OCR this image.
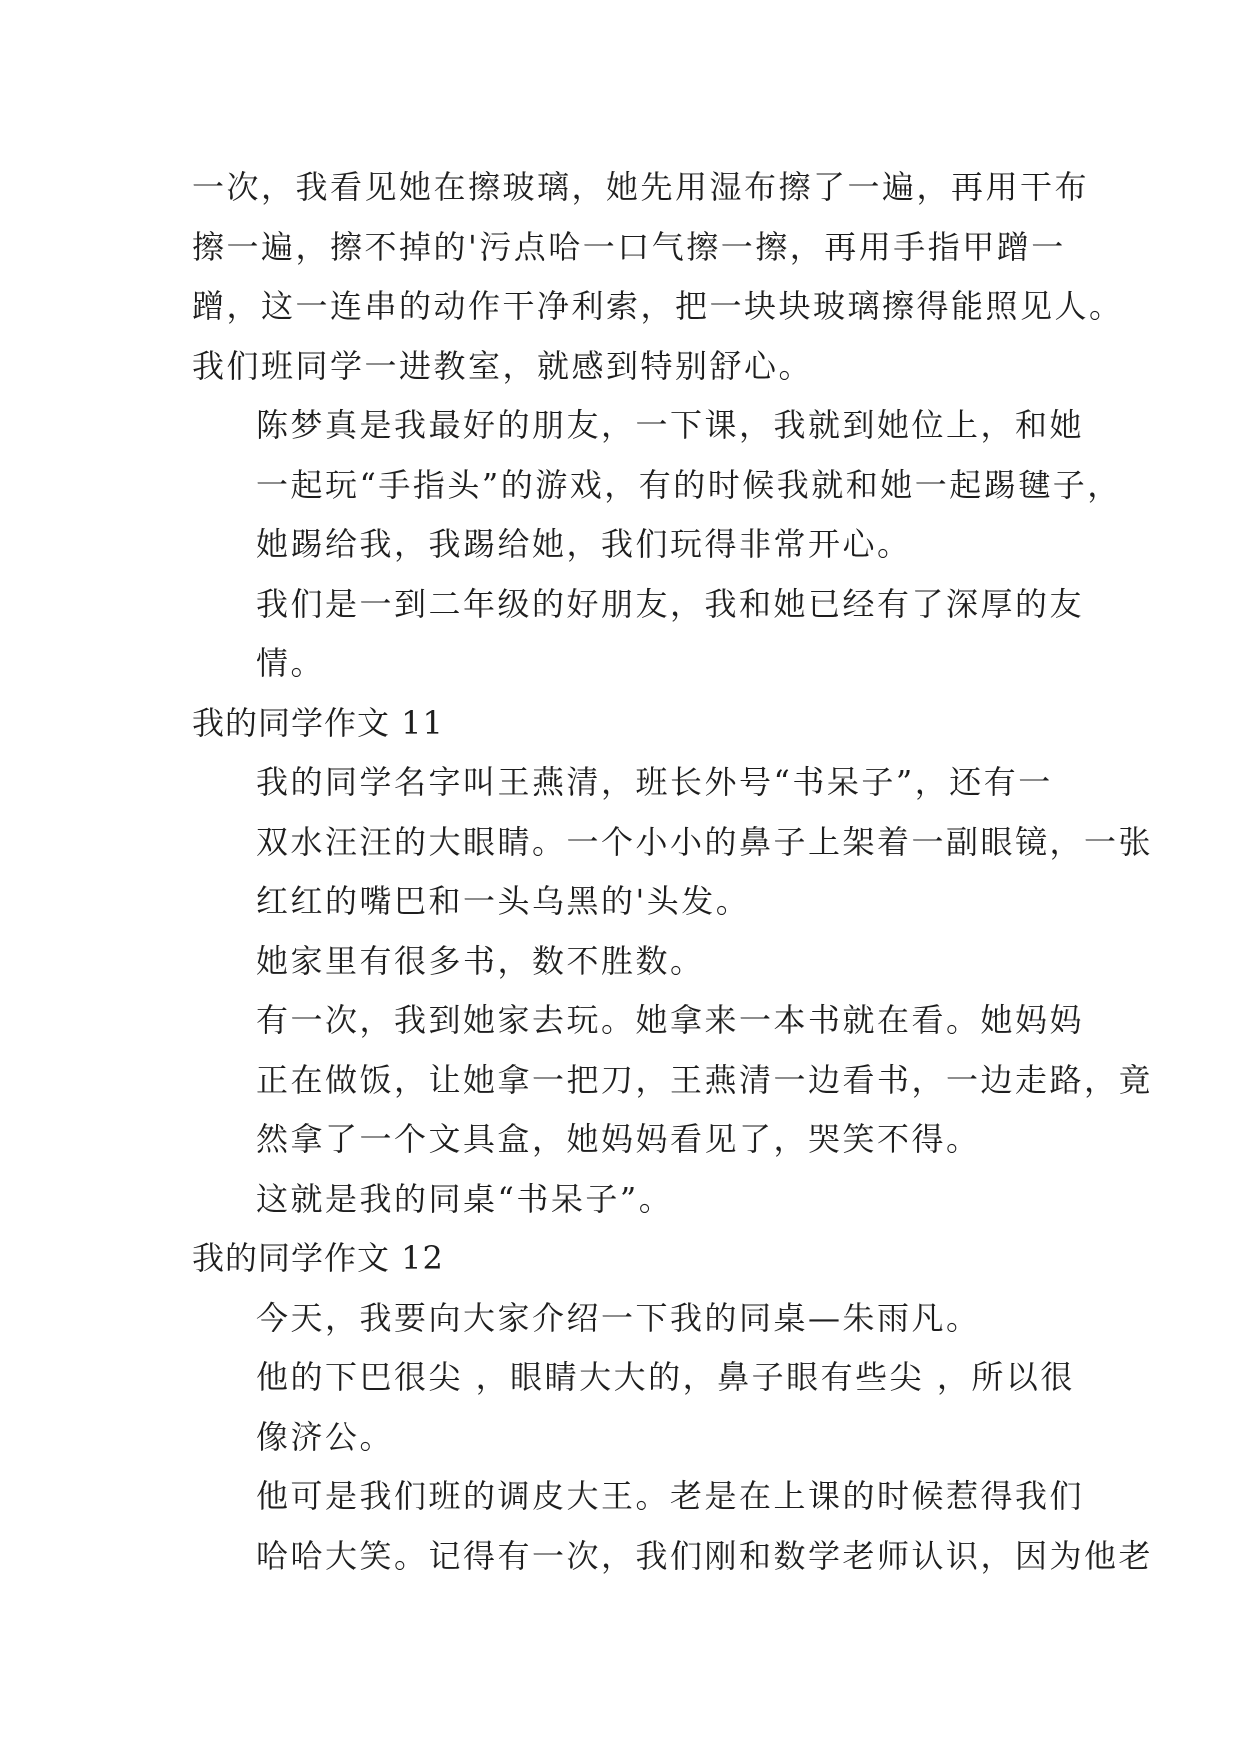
一次，我看见她在擦玻璃，她先用湿布擦了一遍，再用干布
擦一遍，擦不掉的'污点哈一口气擦一擦，再用手指甲蹭一
蹭，这一连串的动作干净利索，把一块块玻璃擦得能照见人。
我们班同学一进教室，就感到特别舒心。

陈梦真是我最好的朋友，一下课，我就到她位上，和她
一起玩“手指头”的游戏，有的时候我就和她一起踢毽子，
她踢给我，我踢给她，我们玩得非常开心。

我们是一到二年级的好朋友，我和她已经有了深厚的友
情。

我的同学作文 11

我的同学名字叫王燕清，班长外号“书呆子”，还有一
双水汪汪的大眼睛。一个小小的鼻子上架着一副眼镜，一张
红红的嘴巴和一头乌黑的'头发。

她家里有很多书，数不胜数。

有一次，我到她家去玩。她拿来一本书就在看。她妈妈
正在做饭，让她拿一把刀，王燕清一边看书，一边走路，竟
然拿了一个文具盒，她妈妈看见了，哭笑不得。

这就是我的同桌“书呆子”。

我的同学作文 12

今天，我要向大家介绍一下我的同桌—朱雨凡。

他的下巴很尖 ，眼睛大大的，鼻子眼有些尖 ，所以很
像济公。

他可是我们班的调皮大王。老是在上课的时候惹得我们
哈哈大笑。记得有一次，我们刚和数学老师认识，因为他老
